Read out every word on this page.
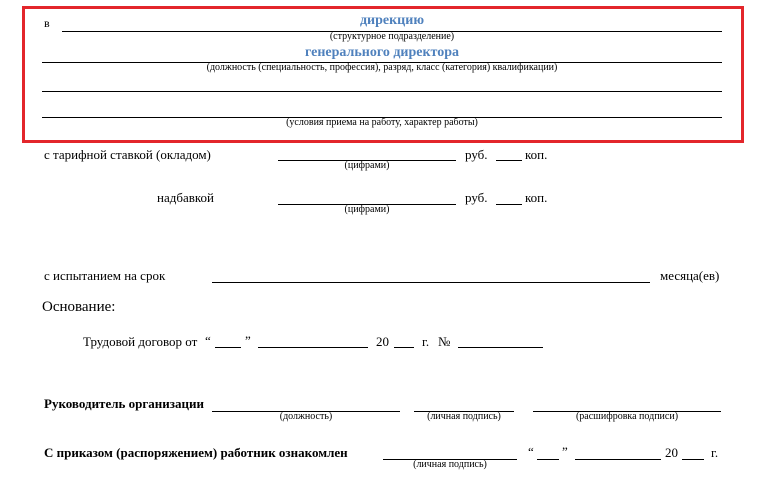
в	дирекцию
(структурное подразделение)
генерального директора
(должность (специальность, профессия), разряд, класс (категория) квалификации)
(условия приема на работу, характер работы)
с тарифной ставкой (окладом)	руб.	коп.
(цифрами)
надбавкой	руб.	коп.
(цифрами)
с испытанием на срок	месяца(ев)
Основание:
Трудовой договор от “	”	20	г. №
Руководитель организации
(должность)	(личная подпись)	(расшифровка подписи)
С приказом (распоряжением) работник ознакомлен
(личная подпись)
“ ”	20	г.
